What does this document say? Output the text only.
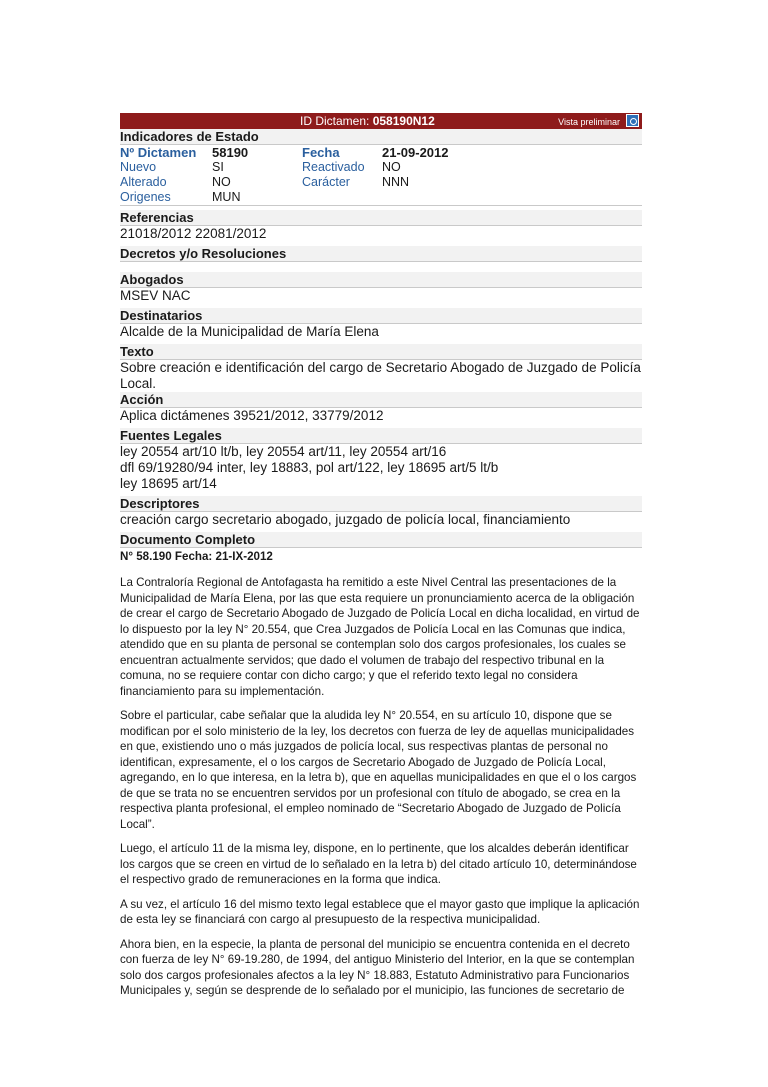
ID Dictamen: 058190N12	Vista preliminar
Indicadores de Estado
Nº Dictamen	58190	Fecha	21-09-2012
Nuevo	SI	Reactivado	NO
Alterado	NO	Carácter	NNN
Origenes	MUN
Referencias
21018/2012 22081/2012
Decretos y/o Resoluciones
Abogados
MSEV NAC
Destinatarios
Alcalde de la Municipalidad de María Elena
Texto
Sobre creación e identificación del cargo de Secretario Abogado de Juzgado de Policía Local.
Acción
Aplica dictámenes 39521/2012, 33779/2012
Fuentes Legales
ley 20554 art/10 lt/b, ley 20554 art/11, ley 20554 art/16
dfl 69/19280/94 inter, ley 18883, pol art/122, ley 18695 art/5 lt/b
ley 18695 art/14
Descriptores
creación cargo secretario abogado, juzgado de policía local, financiamiento
Documento Completo
N° 58.190 Fecha: 21-IX-2012

La Contraloría Regional de Antofagasta ha remitido a este Nivel Central las presentaciones de la Municipalidad de María Elena, por las que esta requiere un pronunciamiento acerca de la obligación de crear el cargo de Secretario Abogado de Juzgado de Policía Local en dicha localidad, en virtud de lo dispuesto por la ley N° 20.554, que Crea Juzgados de Policía Local en las Comunas que indica, atendido que en su planta de personal se contemplan solo dos cargos profesionales, los cuales se encuentran actualmente servidos; que dado el volumen de trabajo del respectivo tribunal en la comuna, no se requiere contar con dicho cargo; y que el referido texto legal no considera financiamiento para su implementación.

Sobre el particular, cabe señalar que la aludida ley N° 20.554, en su artículo 10, dispone que se modifican por el solo ministerio de la ley, los decretos con fuerza de ley de aquellas municipalidades en que, existiendo uno o más juzgados de policía local, sus respectivas plantas de personal no identifican, expresamente, el o los cargos de Secretario Abogado de Juzgado de Policía Local, agregando, en lo que interesa, en la letra b), que en aquellas municipalidades en que el o los cargos de que se trata no se encuentren servidos por un profesional con título de abogado, se crea en la respectiva planta profesional, el empleo nominado de “Secretario Abogado de Juzgado de Policía Local”.

Luego, el artículo 11 de la misma ley, dispone, en lo pertinente, que los alcaldes deberán identificar los cargos que se creen en virtud de lo señalado en la letra b) del citado artículo 10, determinándose el respectivo grado de remuneraciones en la forma que indica.

A su vez, el artículo 16 del mismo texto legal establece que el mayor gasto que implique la aplicación de esta ley se financiará con cargo al presupuesto de la respectiva municipalidad.

Ahora bien, en la especie, la planta de personal del municipio se encuentra contenida en el decreto con fuerza de ley N° 69-19.280, de 1994, del antiguo Ministerio del Interior, en la que se contemplan solo dos cargos profesionales afectos a la ley N° 18.883, Estatuto Administrativo para Funcionarios Municipales y, según se desprende de lo señalado por el municipio, las funciones de secretario de
